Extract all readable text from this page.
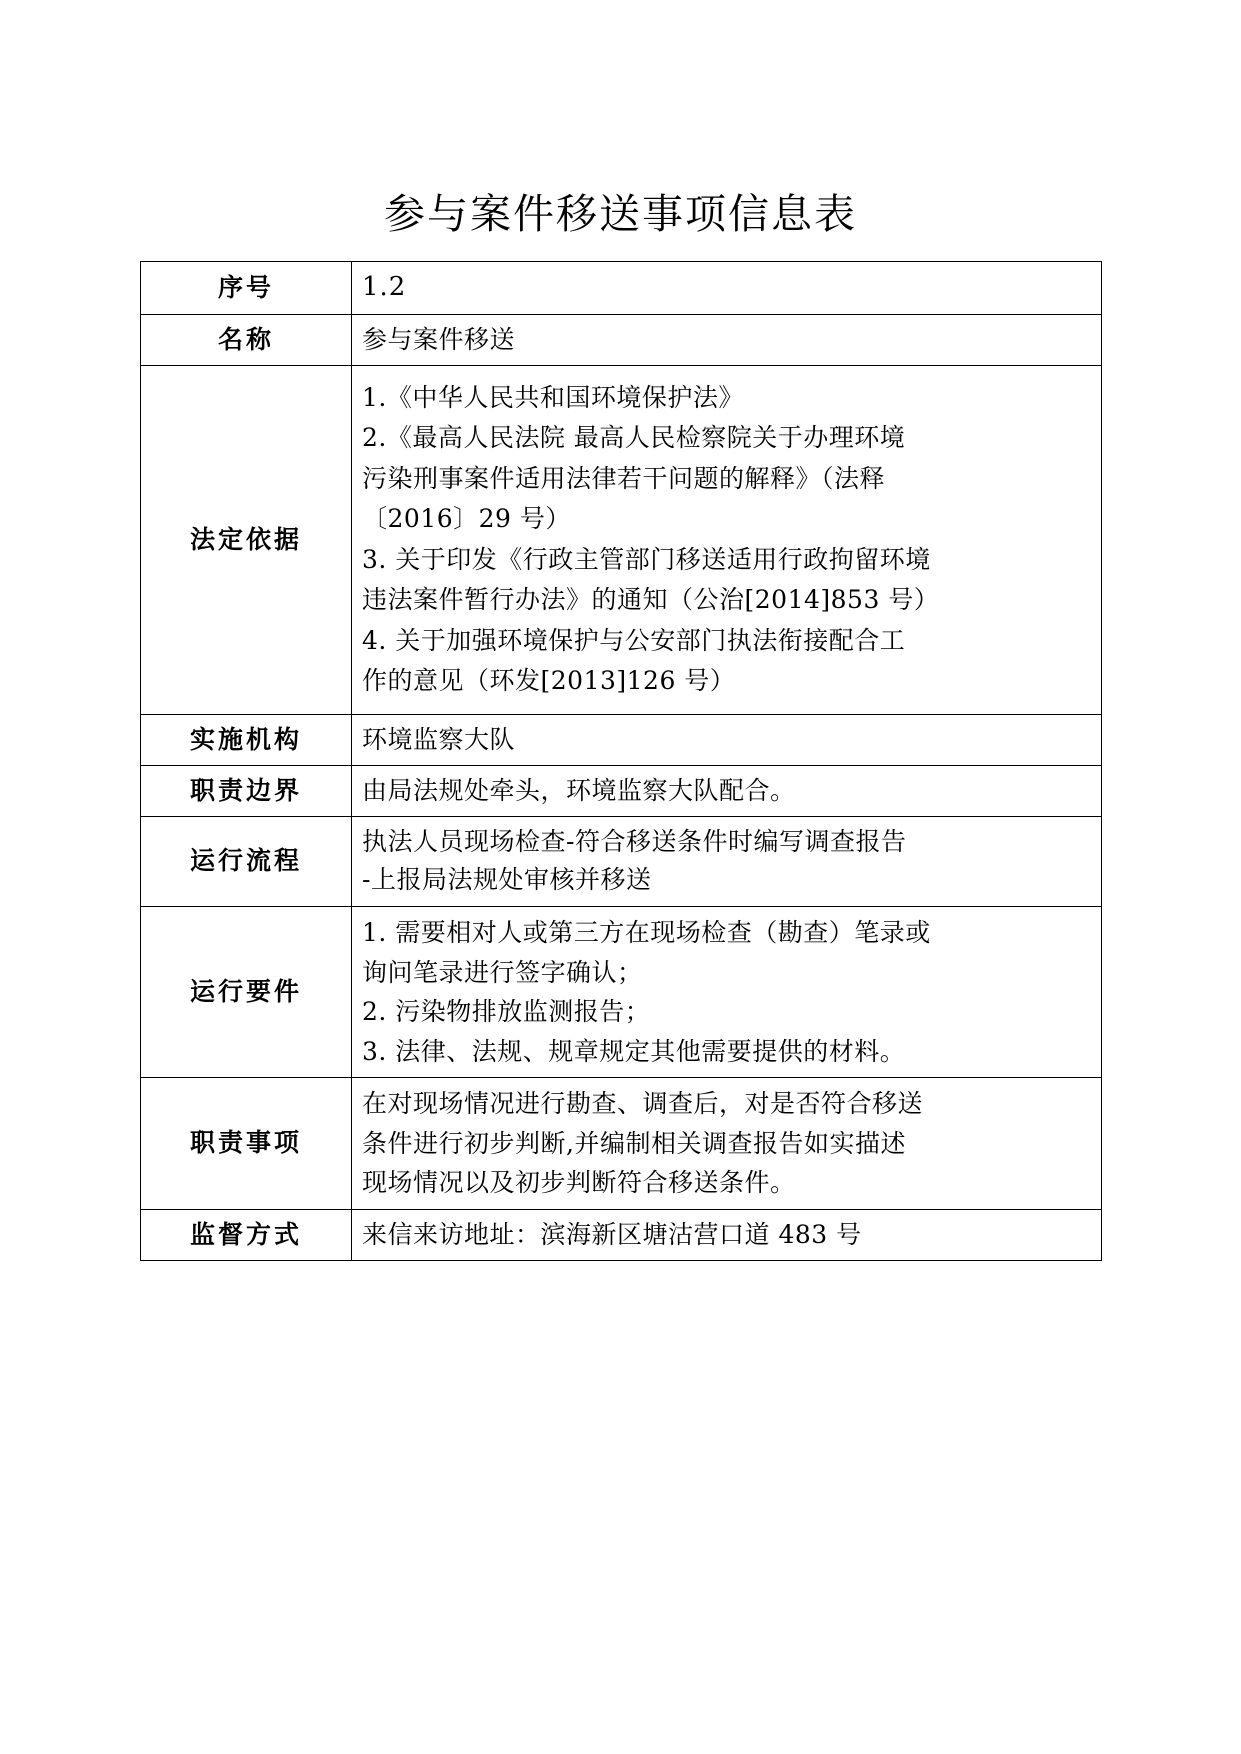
参与案件移送事项信息表
序号	1.2

名称	参与案件移送

法定依据	
1.《中华人民共和国环境保护法》
2.《最高人民法院 最高人民检察院关于办理环境
污染刑事案件适用法律若干问题的解释》（法释
〔2016〕29 号）
3. 关于印发《行政主管部门移送适用行政拘留环境
违法案件暂行办法》的通知（公治[2014]853 号）
4. 关于加强环境保护与公安部门执法衔接配合工
作的意见（环发[2013]126 号）

实施机构	环境监察大队

职责边界	由局法规处牵头，环境监察大队配合。

运行流程	执法人员现场检查-符合移送条件时编写调查报告
-上报局法规处审核并移送

运行要件	1. 需要相对人或第三方在现场检查（勘查）笔录或
询问笔录进行签字确认；
2. 污染物排放监测报告；
3. 法律、法规、规章规定其他需要提供的材料。

职责事项	在对现场情况进行勘查、调查后，对是否符合移送
条件进行初步判断,并编制相关调查报告如实描述
现场情况以及初步判断符合移送条件。

监督方式	来信来访地址：滨海新区塘沽营口道 483 号
